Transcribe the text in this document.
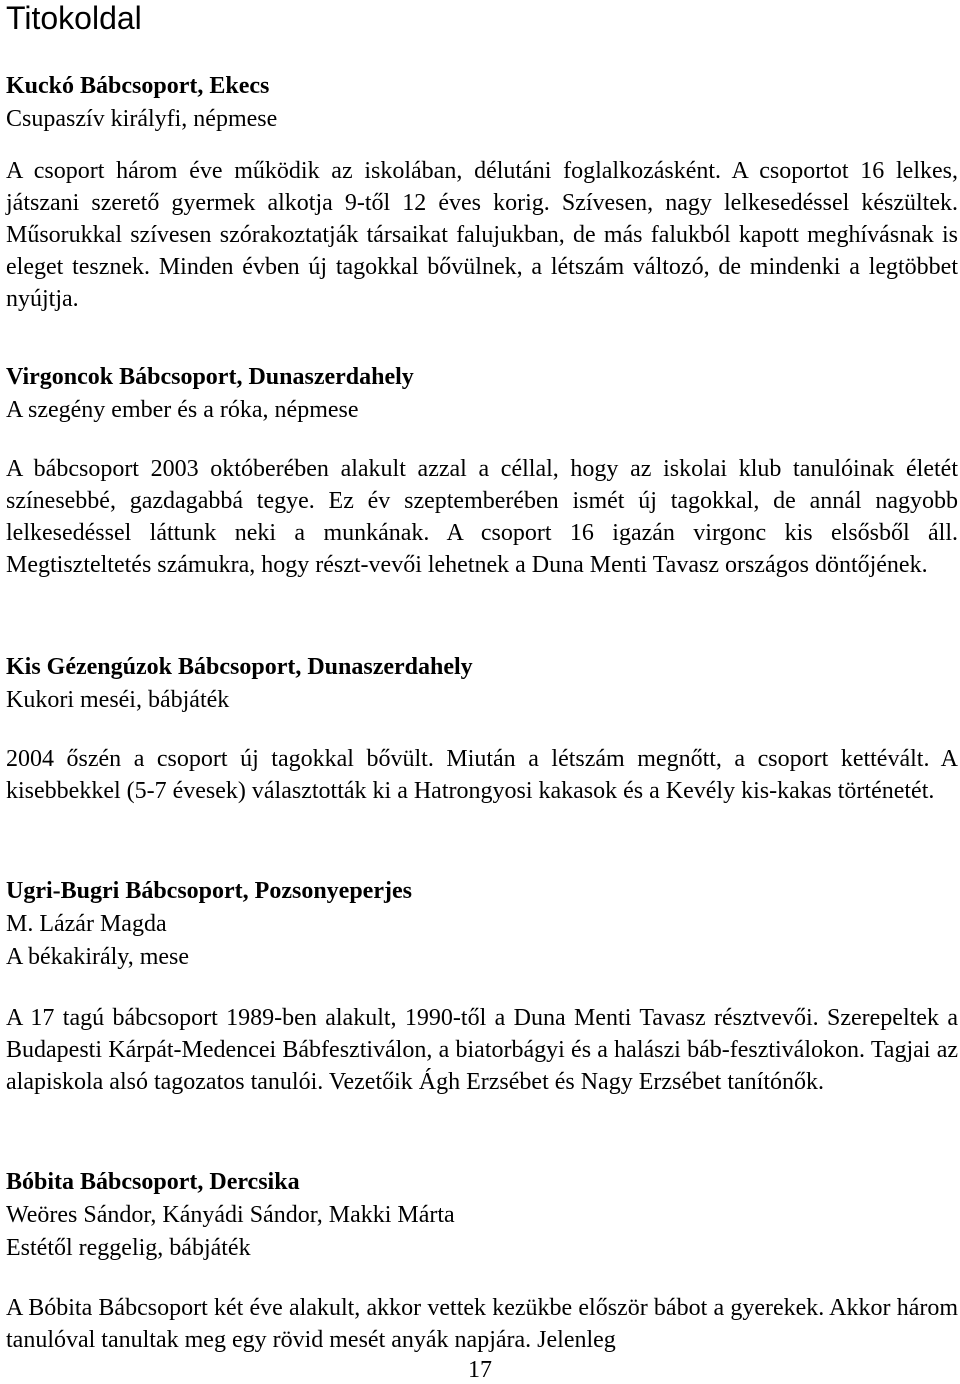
Titokoldal
Kuckó Bábcsoport, Ekecs
Csupaszív királyfi, népmese

A csoport három éve működik az iskolában, délutáni foglalkozásként. A csoportot 16 lelkes, játszani szerető gyermek alkotja 9-től 12 éves korig. Szívesen, nagy lelkesedéssel készültek. Műsorukkal szívesen szórakoztatják társaikat falujukban, de más falukból kapott meghívásnak is eleget tesznek. Minden évben új tagokkal bővülnek, a létszám változó, de mindenki a legtöbbet nyújtja.

Virgoncok Bábcsoport, Dunaszerdahely
A szegény ember és a róka, népmese

A bábcsoport 2003 októberében alakult azzal a céllal, hogy az iskolai klub tanulóinak életét színesebbé, gazdagabbá tegye. Ez év szeptemberében ismét új tagokkal, de annál nagyobb lelkesedéssel láttunk neki a munkának. A csoport 16 igazán virgonc kis elsősből áll. Megtiszteltetés számukra, hogy részt-vevői lehetnek a Duna Menti Tavasz országos döntőjének.

Kis Gézengúzok Bábcsoport, Dunaszerdahely
Kukori meséi, bábjáték

2004 őszén a csoport új tagokkal bővült. Miután a létszám megnőtt, a csoport kettévált. A kisebbekkel (5-7 évesek) választották ki a Hatrongyosi kakasok és a Kevély kis-kakas történetét.

Ugri-Bugri Bábcsoport, Pozsonyeperjes
M. Lázár Magda
A békakirály, mese

A 17 tagú bábcsoport 1989-ben alakult, 1990-től a Duna Menti Tavasz résztvevői. Szerepeltek a Budapesti Kárpát-Medencei Bábfesztiválon, a biatorbágyi és a halászi báb-fesztiválokon. Tagjai az alapiskola alsó tagozatos tanulói. Vezetőik Ágh Erzsébet és Nagy Erzsébet tanítónők.

Bóbita Bábcsoport, Dercsika
Weöres Sándor, Kányádi Sándor, Makki Márta
Estétől reggelig, bábjáték

A Bóbita Bábcsoport két éve alakult, akkor vettek kezükbe először bábot a gyerekek. Akkor három tanulóval tanultak meg egy rövid mesét anyák napjára. Jelenleg

17
